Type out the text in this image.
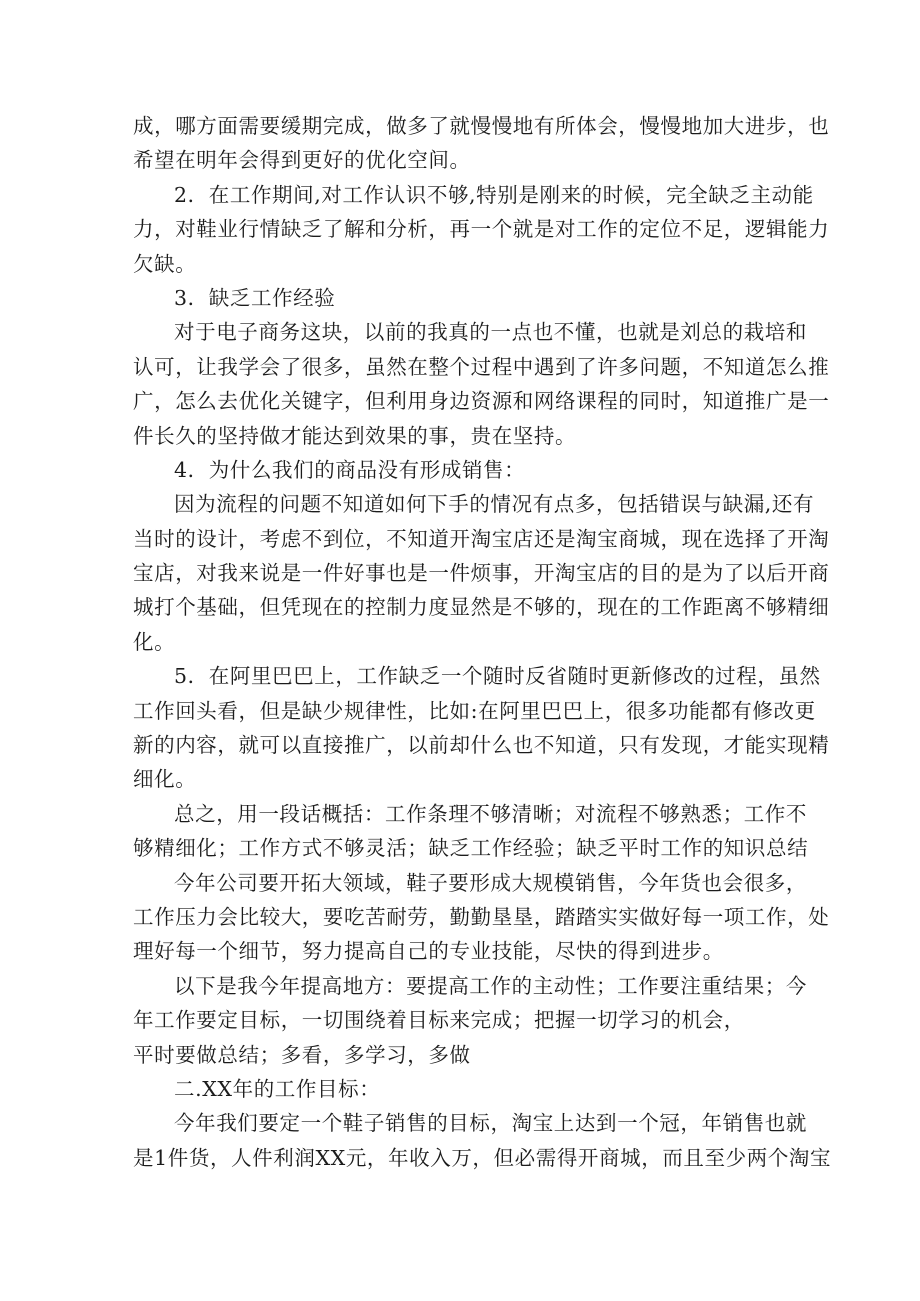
成，哪方面需要缓期完成，做多了就慢慢地有所体会，慢慢地加大进步，也
希望在明年会得到更好的优化空间。
2．在工作期间,对工作认识不够,特别是刚来的时候，完全缺乏主动能
力，对鞋业行情缺乏了解和分析，再一个就是对工作的定位不足，逻辑能力
欠缺。
3．缺乏工作经验
对于电子商务这块，以前的我真的一点也不懂，也就是刘总的栽培和
认可，让我学会了很多，虽然在整个过程中遇到了许多问题，不知道怎么推
广，怎么去优化关键字，但利用身边资源和网络课程的同时，知道推广是一
件长久的坚持做才能达到效果的事，贵在坚持。
4．为什么我们的商品没有形成销售：
因为流程的问题不知道如何下手的情况有点多，包括错误与缺漏,还有
当时的设计，考虑不到位，不知道开淘宝店还是淘宝商城，现在选择了开淘
宝店，对我来说是一件好事也是一件烦事，开淘宝店的目的是为了以后开商
城打个基础，但凭现在的控制力度显然是不够的，现在的工作距离不够精细
化。
5．在阿里巴巴上，工作缺乏一个随时反省随时更新修改的过程，虽然
工作回头看，但是缺少规律性，比如:在阿里巴巴上，很多功能都有修改更
新的内容，就可以直接推广，以前却什么也不知道，只有发现，才能实现精
细化。
总之，用一段话概括：工作条理不够清晰；对流程不够熟悉；工作不
够精细化；工作方式不够灵活；缺乏工作经验；缺乏平时工作的知识总结
今年公司要开拓大领域，鞋子要形成大规模销售，今年货也会很多，
工作压力会比较大，要吃苦耐劳，勤勤垦垦，踏踏实实做好每一项工作，处
理好每一个细节，努力提高自己的专业技能，尽快的得到进步。
以下是我今年提高地方：要提高工作的主动性；工作要注重结果；今
年工作要定目标，一切围绕着目标来完成；把握一切学习的机会，
平时要做总结；多看，多学习，多做
二.XX年的工作目标：
今年我们要定一个鞋子销售的目标，淘宝上达到一个冠，年销售也就
是1件货，人件利润XX元，年收入万，但必需得开商城，而且至少两个淘宝
